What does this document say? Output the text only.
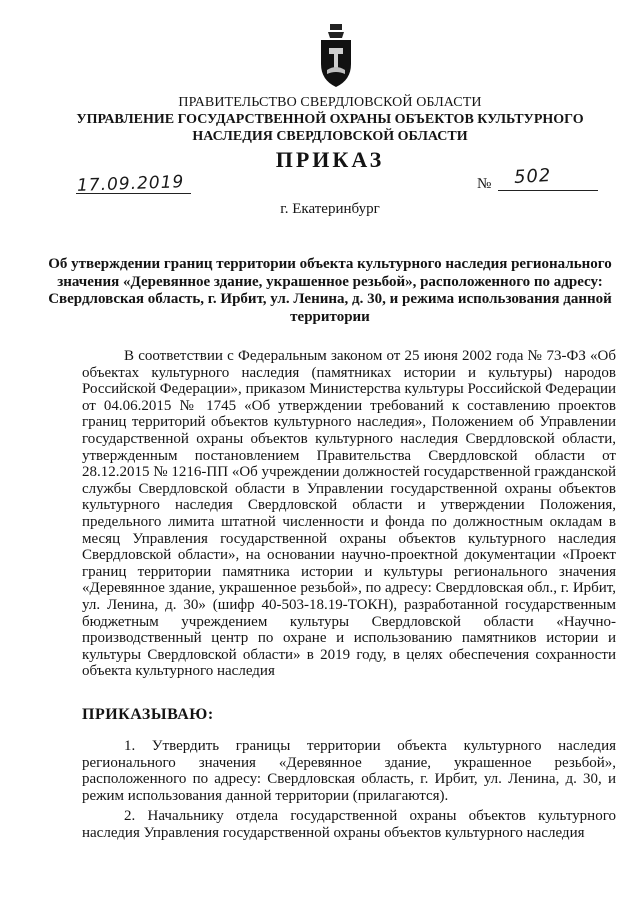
ПРАВИТЕЛЬСТВО СВЕРДЛОВСКОЙ ОБЛАСТИ
УПРАВЛЕНИЕ ГОСУДАРСТВЕННОЙ ОХРАНЫ ОБЪЕКТОВ КУЛЬТУРНОГО НАСЛЕДИЯ СВЕРДЛОВСКОЙ ОБЛАСТИ
ПРИКАЗ
17.09.2019	№ 502
г. Екатеринбург
Об утверждении границ территории объекта культурного наследия регионального значения «Деревянное здание, украшенное резьбой», расположенного по адресу: Свердловская область, г. Ирбит, ул. Ленина, д. 30, и режима использования данной территории

В соответствии с Федеральным законом от 25 июня 2002 года № 73-ФЗ «Об объектах культурного наследия (памятниках истории и культуры) народов Российской Федерации», приказом Министерства культуры Российской Федерации от 04.06.2015 № 1745 «Об утверждении требований к составлению проектов границ территорий объектов культурного наследия», Положением об Управлении государственной охраны объектов культурного наследия Свердловской области, утвержденным постановлением Правительства Свердловской области от 28.12.2015 № 1216-ПП «Об учреждении должностей государственной гражданской службы Свердловской области в Управлении государственной охраны объектов культурного наследия Свердловской области и утверждении Положения, предельного лимита штатной численности и фонда по должностным окладам в месяц Управления государственной охраны объектов культурного наследия Свердловской области», на основании научно-проектной документации «Проект границ территории памятника истории и культуры регионального значения «Деревянное здание, украшенное резьбой», по адресу: Свердловская обл., г. Ирбит, ул. Ленина, д. 30» (шифр 40-503-18.19-ТОКН), разработанной государственным бюджетным учреждением культуры Свердловской области «Научно-производственный центр по охране и использованию памятников истории и культуры Свердловской области» в 2019 году, в целях обеспечения сохранности объекта культурного наследия

ПРИКАЗЫВАЮ:

1. Утвердить границы территории объекта культурного наследия регионального значения «Деревянное здание, украшенное резьбой», расположенного по адресу: Свердловская область, г. Ирбит, ул. Ленина, д. 30, и режим использования данной территории (прилагаются).

2. Начальнику отдела государственной охраны объектов культурного наследия Управления государственной охраны объектов культурного наследия
